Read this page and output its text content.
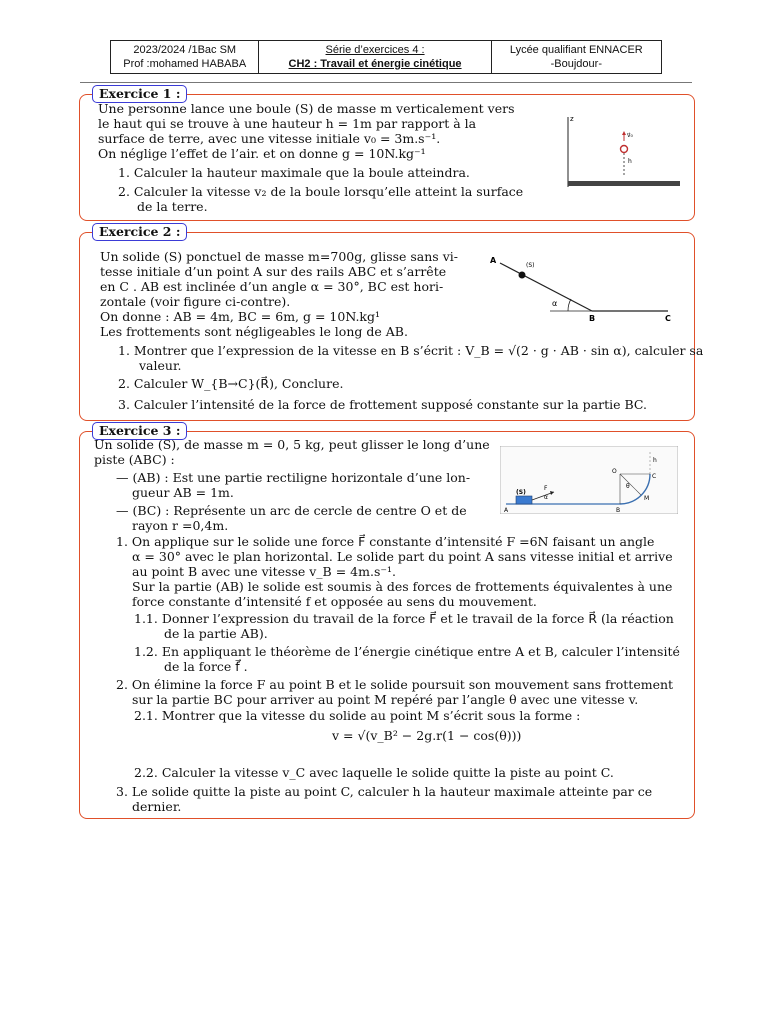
2023/2024 /1Bac SM
Prof :mohamed HABABA
Série d’exercices 4 :
CH2 : Travail et énergie cinétique
Lycée qualifiant ENNACER
-Boujdour-
Exercice 1 :
Une personne lance une boule (S) de masse m verticalement vers
le haut qui se trouve à une hauteur h = 1m par rapport à la
surface de terre, avec une vitesse initiale v₀ = 3m.s⁻¹.
On néglige l’effet de l’air. et on donne g = 10N.kg⁻¹
1. Calculer la hauteur maximale que la boule atteindra.
2. Calculer la vitesse v₂ de la boule lorsqu’elle atteint la surface
de la terre.
z
v⃗₀
h
Exercice 2 :
Un solide (S) ponctuel de masse m=700g, glisse sans vi-
tesse initiale d’un point A sur des rails ABC et s’arrête
en C . AB est inclinée d’un angle α = 30°, BC est hori-
zontale (voir figure ci-contre).
On donne : AB = 4m, BC = 6m, g = 10N.kg¹
Les frottements sont négligeables le long de AB.
1. Montrer que l’expression de la vitesse en B s’écrit : V_B = √(2 · g · AB · sin α), calculer sa
valeur.
2. Calculer W_{B→C}(R⃗), Conclure.
3. Calculer l’intensité de la force de frottement supposé constante sur la partie BC.
A
(S)
α
B	C
Exercice 3 :
Un solide (S), de masse m = 0, 5 kg, peut glisser le long d’une
piste (ABC) :
— (AB) : Est une partie rectiligne horizontale d’une lon-
gueur AB = 1m.
— (BC) : Représente un arc de cercle de centre O et de
rayon r =0,4m.
1. On applique sur le solide une force F⃗ constante d’intensité F =6N faisant un angle
α = 30° avec le plan horizontal. Le solide part du point A sans vitesse initial et arrive
au point B avec une vitesse v_B = 4m.s⁻¹.
Sur la partie (AB) le solide est soumis à des forces de frottements équivalentes à une
force constante d’intensité f et opposée au sens du mouvement.
1.1. Donner l’expression du travail de la force F⃗ et le travail de la force R⃗ (la réaction
de la partie AB).
1.2. En appliquant le théorème de l’énergie cinétique entre A et B, calculer l’intensité
de la force f⃗ .
2. On élimine la force F au point B et le solide poursuit son mouvement sans frottement
sur la partie BC pour arriver au point M repéré par l’angle θ avec une vitesse v.
2.1. Montrer que la vitesse du solide au point M s’écrit sous la forme :
v = √(v_B² − 2g.r(1 − cos(θ)))
2.2. Calculer la vitesse v_C avec laquelle le solide quitte la piste au point C.
3. Le solide quitte la piste au point C, calculer h la hauteur maximale atteinte par ce
dernier.
(S)
F
α
A	B
O
C
M
θ
h
